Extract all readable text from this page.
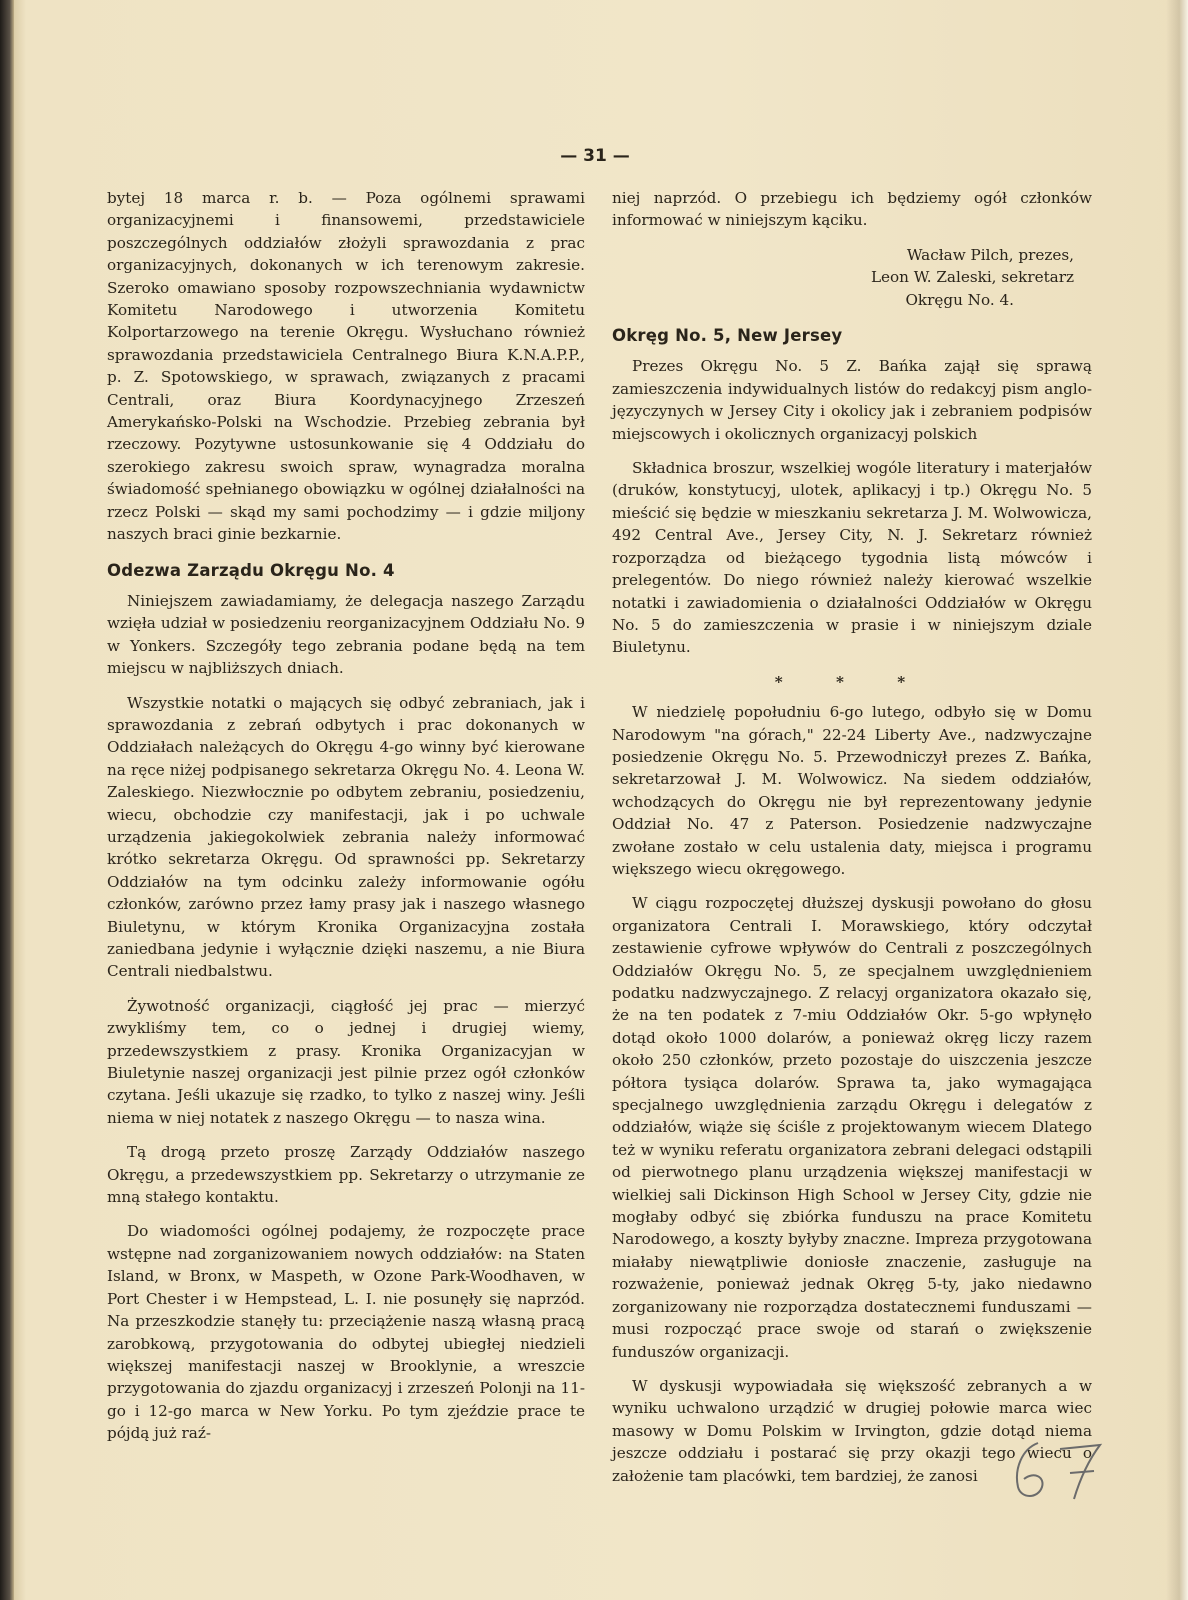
— 31 —

bytej 18 marca r. b. — Poza ogólnemi sprawami organizacyjnemi i finansowemi, przedstawiciele poszczególnych oddziałów złożyli sprawozdania z prac organizacyjnych, dokonanych w ich terenowym zakresie. Szeroko omawiano sposoby rozpowszechniania wydawnictw Komitetu Narodowego i utworzenia Komitetu Kolportarzowego na terenie Okręgu. Wysłuchano również sprawozdania przedstawiciela Centralnego Biura K.N.A.P.P., p. Z. Spotowskiego, w sprawach, związanych z pracami Centrali, oraz Biura Koordynacyjnego Zrzeszeń Amerykańsko-Polski na Wschodzie. Przebieg zebrania był rzeczowy. Pozytywne ustosunkowanie się 4 Oddziału do szerokiego zakresu swoich spraw, wynagradza moralna świadomość spełnianego obowiązku w ogólnej działalności na rzecz Polski — skąd my sami pochodzimy — i gdzie miljony naszych braci ginie bezkarnie.

Odezwa Zarządu Okręgu No. 4

Niniejszem zawiadamiamy, że delegacja naszego Zarządu wzięła udział w posiedzeniu reorganizacyjnem Oddziału No. 9 w Yonkers. Szczegóły tego zebrania podane będą na tem miejscu w najbliższych dniach.

Wszystkie notatki o mających się odbyć zebraniach, jak i sprawozdania z zebrań odbytych i prac dokonanych w Oddziałach należących do Okręgu 4-go winny być kierowane na ręce niżej podpisanego sekretarza Okręgu No. 4. Leona W. Zaleskiego. Niezwłocznie po odbytem zebraniu, posiedzeniu, wiecu, obchodzie czy manifestacji, jak i po uchwale urządzenia jakiegokolwiek zebrania należy informować krótko sekretarza Okręgu. Od sprawności pp. Sekretarzy Oddziałów na tym odcinku zależy informowanie ogółu członków, zarówno przez łamy prasy jak i naszego własnego Biuletynu, w którym Kronika Organizacyjna została zaniedbana jedynie i wyłącznie dzięki naszemu, a nie Biura Centrali niedbalstwu.

Żywotność organizacji, ciągłość jej prac — mierzyć zwykliśmy tem, co o jednej i drugiej wiemy, przedewszystkiem z prasy. Kronika Organizacyjan w Biuletynie naszej organizacji jest pilnie przez ogół członków czytana. Jeśli ukazuje się rzadko, to tylko z naszej winy. Jeśli niema w niej notatek z naszego Okręgu — to nasza wina.

Tą drogą przeto proszę Zarządy Oddziałów naszego Okręgu, a przedewszystkiem pp. Sekretarzy o utrzymanie ze mną stałego kontaktu.

Do wiadomości ogólnej podajemy, że rozpoczęte prace wstępne nad zorganizowaniem nowych oddziałów: na Staten Island, w Bronx, w Maspeth, w Ozone Park-Woodhaven, w Port Chester i w Hempstead, L. I. nie posunęły się naprzód. Na przeszkodzie stanęły tu: przeciążenie naszą własną pracą zarobkową, przygotowania do odbytej ubiegłej niedzieli większej manifestacji naszej w Brooklynie, a wreszcie przygotowania do zjazdu organizacyj i zrzeszeń Polonji na 11-go i 12-go marca w New Yorku. Po tym zjeździe prace te pójdą już raź-

niej naprzód. O przebiegu ich będziemy ogół członków informować w niniejszym kąciku.

Wacław Pilch, prezes,
Leon W. Zaleski, sekretarz
Okręgu No. 4.
Okręg No. 5, New Jersey

Prezes Okręgu No. 5 Z. Bańka zajął się sprawą zamieszczenia indywidualnych listów do redakcyj pism anglo-języczynych w Jersey City i okolicy jak i zebraniem podpisów miejscowych i okolicznych organizacyj polskich

Składnica broszur, wszelkiej wogóle literatury i materjałów (druków, konstytucyj, ulotek, aplikacyj i tp.) Okręgu No. 5 mieścić się będzie w mieszkaniu sekretarza J. M. Wolwowicza, 492 Central Ave., Jersey City, N. J. Sekretarz również rozporządza od bieżącego tygodnia listą mówców i prelegentów. Do niego również należy kierować wszelkie notatki i zawiadomienia o działalności Oddziałów w Okręgu No. 5 do zamieszczenia w prasie i w niniejszym dziale Biuletynu.

* * *

W niedzielę popołudniu 6-go lutego, odbyło się w Domu Narodowym "na górach," 22-24 Liberty Ave., nadzwyczajne posiedzenie Okręgu No. 5. Przewodniczył prezes Z. Bańka, sekretarzował J. M. Wolwowicz. Na siedem oddziałów, wchodzących do Okręgu nie był reprezentowany jedynie Oddział No. 47 z Paterson. Posiedzenie nadzwyczajne zwołane zostało w celu ustalenia daty, miejsca i programu większego wiecu okręgowego.

W ciągu rozpoczętej dłuższej dyskusji powołano do głosu organizatora Centrali I. Morawskiego, który odczytał zestawienie cyfrowe wpływów do Centrali z poszczególnych Oddziałów Okręgu No. 5, ze specjalnem uwzględnieniem podatku nadzwyczajnego. Z relacyj organizatora okazało się, że na ten podatek z 7-miu Oddziałów Okr. 5-go wpłynęło dotąd około 1000 dolarów, a ponieważ okręg liczy razem około 250 członków, przeto pozostaje do uiszczenia jeszcze półtora tysiąca dolarów. Sprawa ta, jako wymagająca specjalnego uwzględnienia zarządu Okręgu i delegatów z oddziałów, wiąże się ściśle z projektowanym wiecem Dlatego też w wyniku referatu organizatora zebrani delegaci odstąpili od pierwotnego planu urządzenia większej manifestacji w wielkiej sali Dickinson High School w Jersey City, gdzie nie mogłaby odbyć się zbiórka funduszu na prace Komitetu Narodowego, a koszty byłyby znaczne. Impreza przygotowana miałaby niewątpliwie doniosłe znaczenie, zasługuje na rozważenie, ponieważ jednak Okręg 5-ty, jako niedawno zorganizowany nie rozporządza dostatecznemi funduszami — musi rozpocząć prace swoje od starań o zwiększenie funduszów organizacji.

W dyskusji wypowiadała się większość zebranych a w wyniku uchwalono urządzić w drugiej połowie marca wiec masowy w Domu Polskim w Irvington, gdzie dotąd niema jeszcze oddziału i postarać się przy okazji tego wiecu o założenie tam placówki, tem bardziej, że zanosi
